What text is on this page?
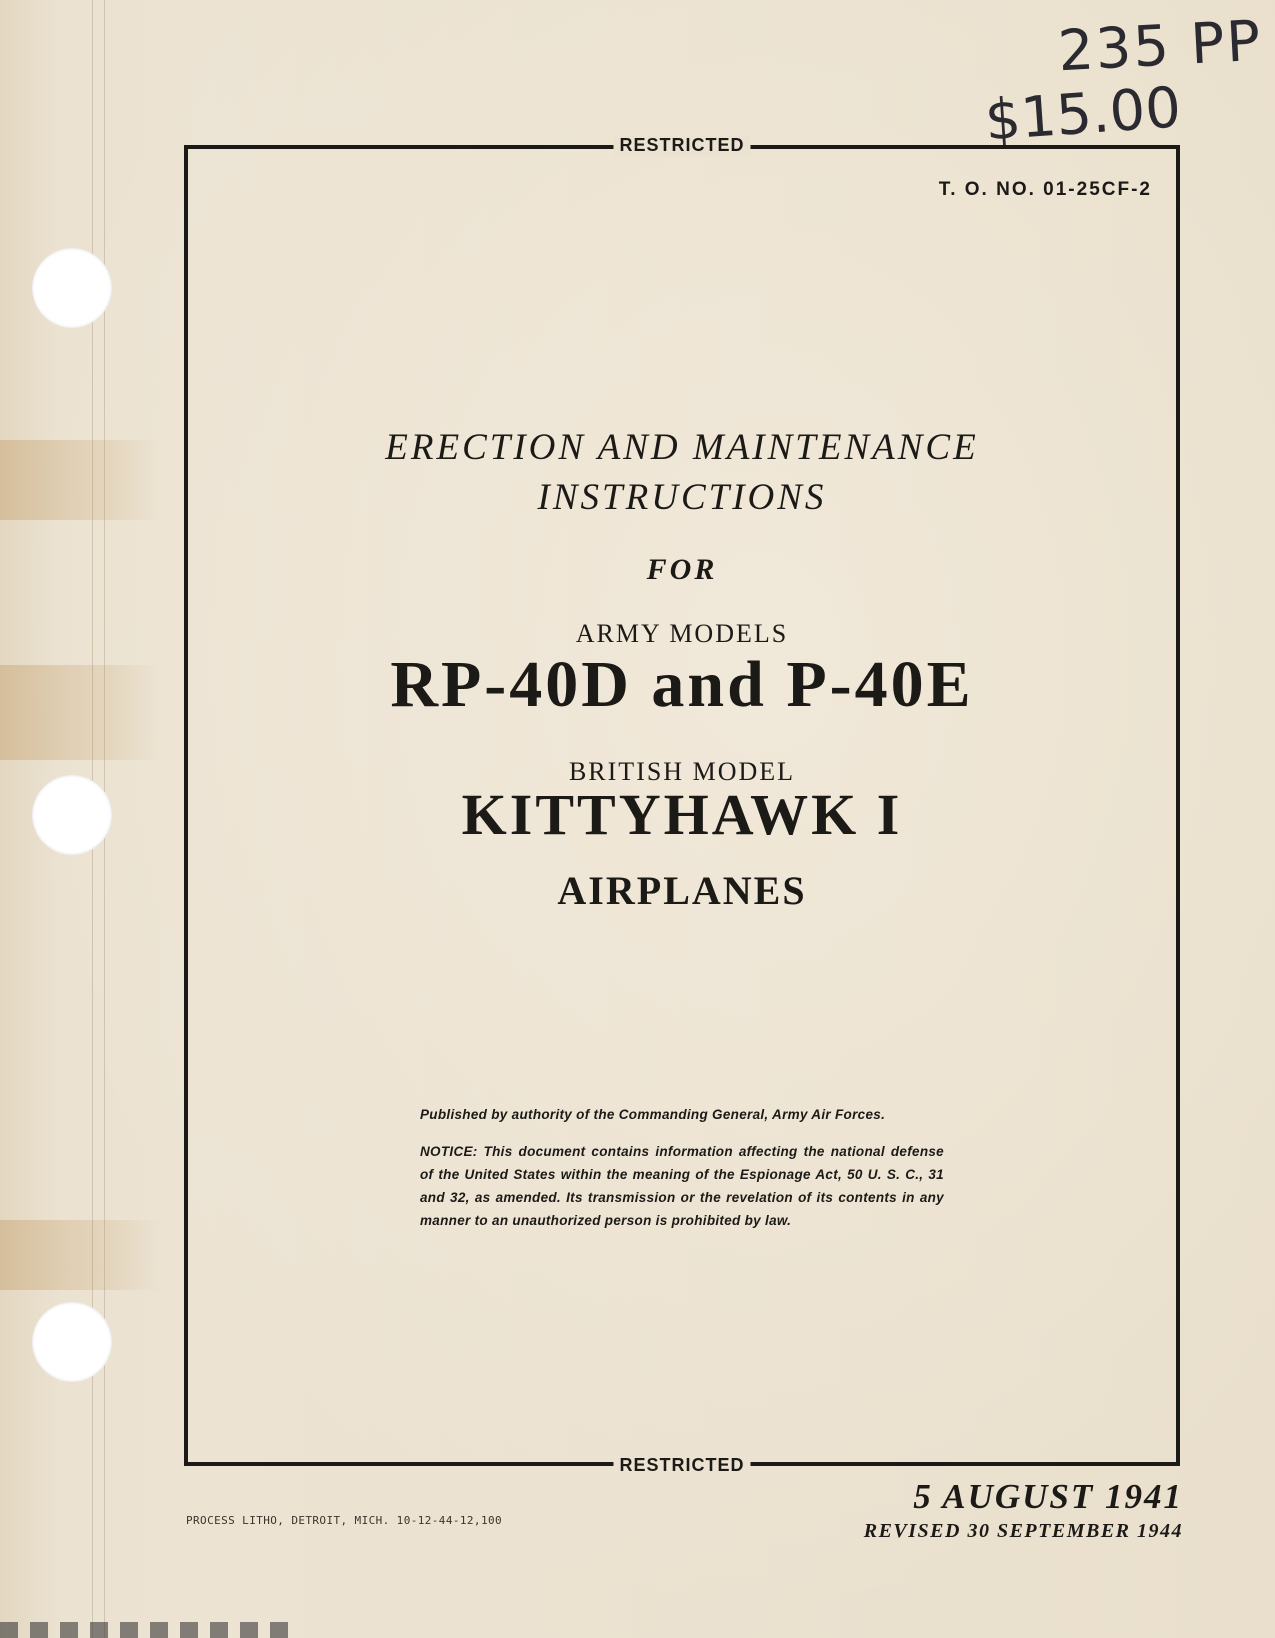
235 PP
$15.00
RESTRICTED
T. O. NO. 01-25CF-2
ERECTION AND MAINTENANCE
INSTRUCTIONS
FOR
ARMY MODELS
RP-40D and P-40E
BRITISH MODEL
KITTYHAWK I
AIRPLANES

Published by authority of the Commanding General, Army Air Forces.

NOTICE: This document contains information affecting the national defense of the United States within the meaning of the Espionage Act, 50 U. S. C., 31 and 32, as amended. Its transmission or the revelation of its contents in any manner to an unauthorized person is prohibited by law.

RESTRICTED
PROCESS LITHO, DETROIT, MICH. 10-12-44-12,100
5 AUGUST 1941
REVISED 30 SEPTEMBER 1944
